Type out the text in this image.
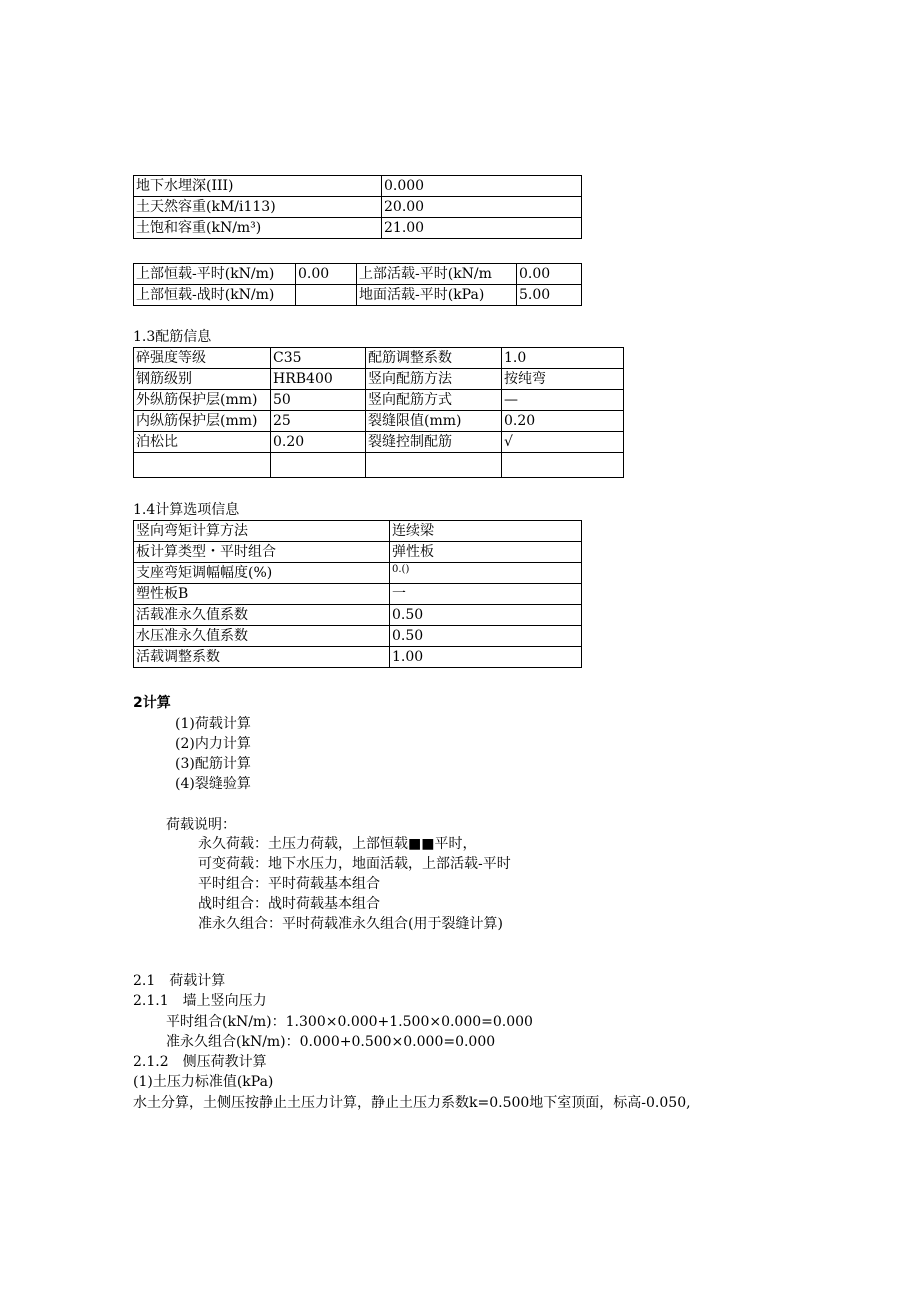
地下水埋深(III)	0.000
土天然容重(kM/i113)	20.00
土饱和容重(kN/m³)	21.00
上部恒载-平时(kN/m)	0.00	上部活载-平时(kN/m	0.00
上部恒载-战时(kN/m)		地面活载-平时(kPa)	5.00
1.3配筋信息
碎强度等级	C35	配筋调整系数	1.0
钢筋级别	HRB400	竖向配筋方法	按纯弯
外纵筋保护层(mm)	50	竖向配筋方式	—
内纵筋保护层(mm)	25	裂缝限值(mm)	0.20
泊松比	0.20	裂缝控制配筋	√

1.4计算选项信息
竖向弯矩计算方法	连续梁
板计算类型・平时组合	弹性板
支座弯矩调幅幅度(%)	0.()
塑性板B	一
活载准永久值系数	0.50
水压准永久值系数	0.50
活载调整系数	1.00
2计算
(1)荷载计算
(2)内力计算
(3)配筋计算
(4)裂缝验算
荷载说明：
永久荷载：土压力荷载，上部恒载■■平时，
可变荷载：地下水压力，地面活载，上部活载-平时
平时组合：平时荷载基本组合
战时组合：战时荷载基本组合
准永久组合：平时荷载准永久组合(用于裂缝计算)
2.1　荷载计算
2.1.1　墙上竖向压力
平时组合(kN/m)：1.300×0.000+1.500×0.000=0.000
准永久组合(kN/m)：0.000+0.500×0.000=0.000
2.1.2　侧压荷教计算
(1)土压力标准值(kPa)
水土分算，土侧压按静止土压力计算，静止土压力系数k=0.500地下室顶面，标高-0.050,
